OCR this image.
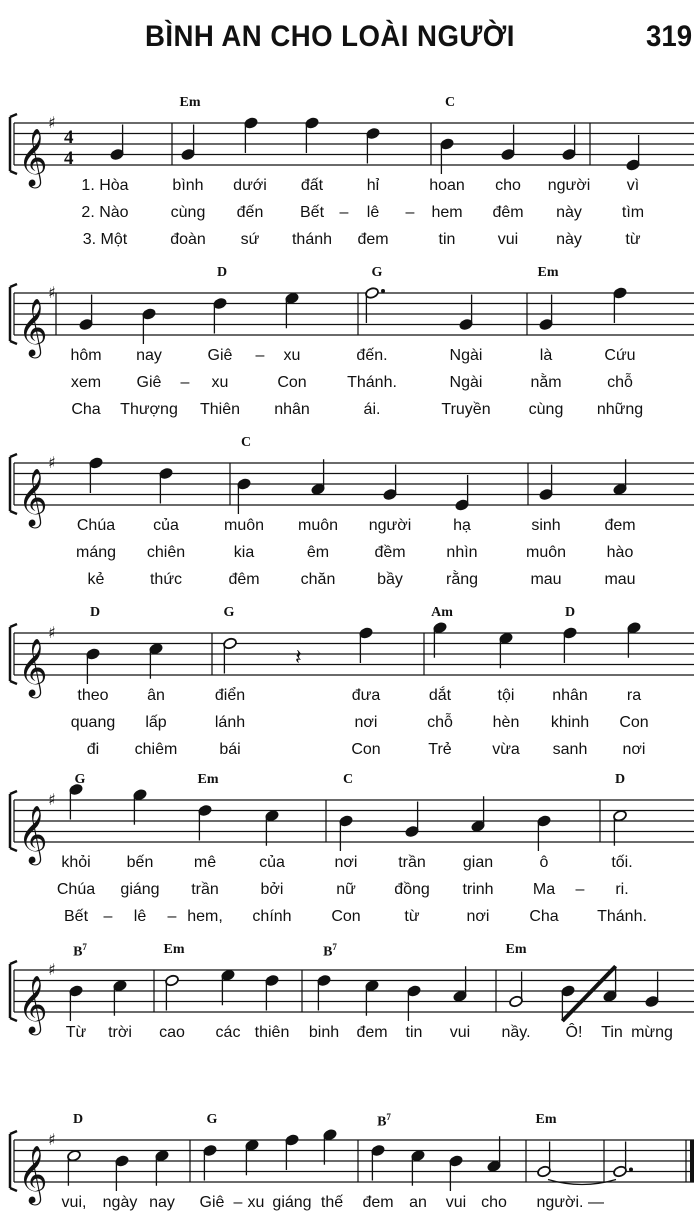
BÌNH AN CHO LOÀI NGƯỜI	319
𝄞
♯
4
4
Em	C
1. Hòa	bình dưới đất	hỉ	hoan cho người vì
2. Nào	cùng đến Bết – lê – hem đêm này tìm
3. Một	đoàn sứ thánh đem	tin	vui này	từ
𝄞
♯
D	G	Em
hôm nay	Giê – xu	đến.	Ngài	là	Cứu
xem Giê – xu	Con	Thánh.	Ngài	nằm	chỗ
Cha Thượng Thiên nhân	ái.	Truyền cùng những
𝄞
♯
C
Chúa của	muôn muôn người	hạ	sinh	đem
máng chiên	kia	êm	đềm	nhìn	muôn	hào
kẻ	thức	đêm	chăn	bầy	rằng	mau	mau
𝄞
♯
𝄽
D	G	Am	D
theo ân	điển	đưa	dắt	tội nhân ra
quang lấp	lánh	nơi	chỗ hèn khinh Con
đi chiêm	bái	Con	Trẻ	vừa sanh nơi
𝄞
♯
G	Em	C	D
khỏi bến	mê	của	nơi	trần gian	ô	tối.
Chúa giáng trần	bởi	nữ đồng trinh Ma – ri.
Bết – lê – hem, chính Con	từ	nơi Cha Thánh.
𝄞
♯
$B^7$	Em	$B^7$	Em
Từ trời cao các thiên binh đem tin vui nầy. Ô! Tin mừng
𝄞
♯
D	G	$B^7$	Em
vui, ngày nay Giê – xu giáng thế đem an vui cho người. —
